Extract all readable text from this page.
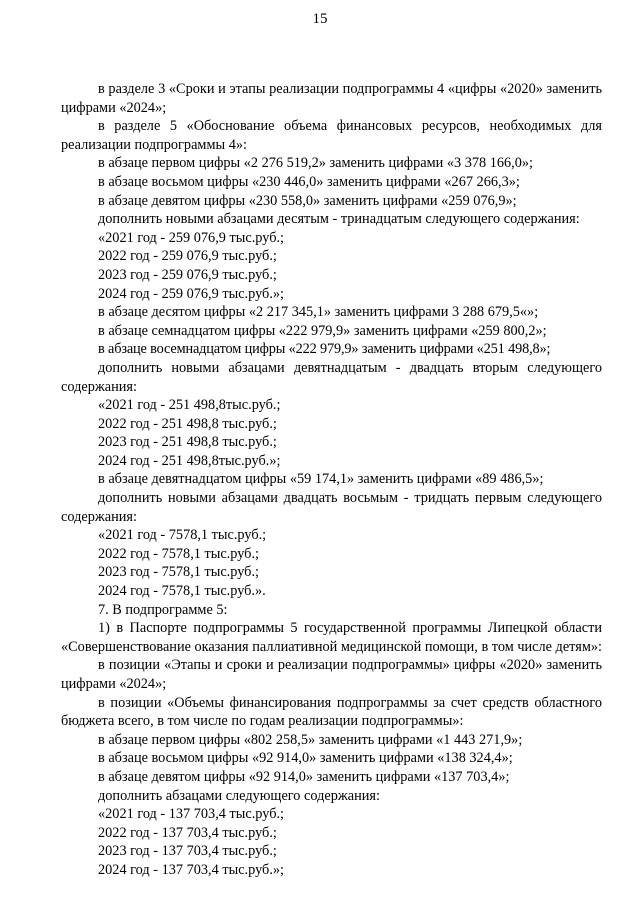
15

в разделе 3 «Сроки и этапы реализации подпрограммы 4 «цифры «2020» заменить цифрами «2024»;

в разделе 5 «Обоснование объема финансовых ресурсов, необходимых для реализации подпрограммы 4»:

в абзаце первом цифры «2 276 519,2» заменить цифрами «3 378 166,0»;

в абзаце восьмом цифры «230 446,0» заменить цифрами «267 266,3»;

в абзаце девятом цифры «230 558,0» заменить цифрами «259 076,9»;

дополнить новыми абзацами десятым - тринадцатым следующего содержания:

«2021 год - 259 076,9 тыс.руб.;

2022 год - 259 076,9 тыс.руб.;

2023 год - 259 076,9 тыс.руб.;

2024 год - 259 076,9 тыс.руб.»;

в абзаце десятом цифры «2 217 345,1» заменить цифрами 3 288 679,5«»;

в абзаце семнадцатом цифры «222 979,9» заменить цифрами «259 800,2»;

в абзаце восемнадцатом цифры «222 979,9» заменить цифрами «251 498,8»;

дополнить новыми абзацами девятнадцатым - двадцать вторым следующего содержания:

«2021 год - 251 498,8тыс.руб.;

2022 год - 251 498,8 тыс.руб.;

2023 год - 251 498,8 тыс.руб.;

2024 год - 251 498,8тыс.руб.»;

в абзаце девятнадцатом цифры «59 174,1» заменить цифрами «89 486,5»;

дополнить новыми абзацами двадцать восьмым - тридцать первым следующего содержания:

«2021 год - 7578,1 тыс.руб.;

2022 год - 7578,1 тыс.руб.;

2023 год - 7578,1 тыс.руб.;

2024 год - 7578,1 тыс.руб.».

7. В подпрограмме 5:

1) в Паспорте подпрограммы 5 государственной программы Липецкой области «Совершенствование оказания паллиативной медицинской помощи, в том числе детям»:

в позиции «Этапы и сроки и реализации подпрограммы» цифры «2020» заменить цифрами «2024»;

в позиции «Объемы финансирования подпрограммы за счет средств областного бюджета всего, в том числе по годам реализации подпрограммы»:

в абзаце первом цифры «802 258,5» заменить цифрами «1 443 271,9»;

в абзаце восьмом цифры «92 914,0» заменить цифрами «138 324,4»;

в абзаце девятом цифры «92 914,0» заменить цифрами «137 703,4»;

дополнить абзацами следующего содержания:

«2021 год - 137 703,4 тыс.руб.;

2022 год - 137 703,4 тыс.руб.;

2023 год - 137 703,4 тыс.руб.;

2024 год - 137 703,4 тыс.руб.»;
